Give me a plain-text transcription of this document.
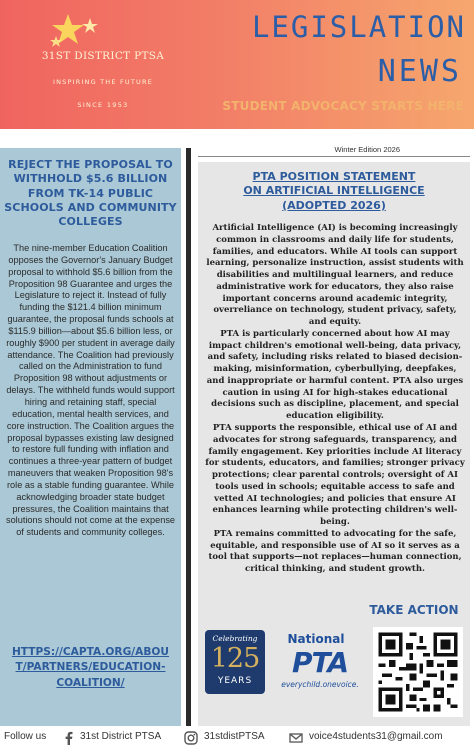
31ST DISTRICT PTSA
INSPIRING THE FUTURE
SINCE 1953
LEGISLATION
NEWS
STUDENT ADVOCACY STARTS HERE
REJECT THE PROPOSAL TO WITHHOLD $5.6 BILLION FROM TK-14 PUBLIC SCHOOLS AND COMMUNITY COLLEGES
The nine-member Education Coalition opposes the Governor's January Budget proposal to withhold $5.6 billion from the Proposition 98 Guarantee and urges the Legislature to reject it. Instead of fully funding the $121.4 billion minimum guarantee, the proposal funds schools at $115.9 billion—about $5.6 billion less, or roughly $900 per student in average daily attendance. The Coalition had previously called on the Administration to fund Proposition 98 without adjustments or delays. The withheld funds would support hiring and retaining staff, special education, mental health services, and core instruction. The Coalition argues the proposal bypasses existing law designed to restore full funding with inflation and continues a three-year pattern of budget maneuvers that weaken Proposition 98's role as a stable funding guarantee. While acknowledging broader state budget pressures, the Coalition maintains that solutions should not come at the expense of students and community colleges.
HTTPS://CAPTA.ORG/ABOU
T/PARTNERS/EDUCATION-
COALITION/
Winter Edition 2026
PTA POSITION STATEMENT
ON ARTIFICIAL INTELLIGENCE
(ADOPTED 2026)

Artificial Intelligence (AI) is becoming increasingly common in classrooms and daily life for students, families, and educators. While AI tools can support learning, personalize instruction, assist students with disabilities and multilingual learners, and reduce administrative work for educators, they also raise important concerns around academic integrity, overreliance on technology, student privacy, safety, and equity.

PTA is particularly concerned about how AI may impact children's emotional well-being, data privacy, and safety, including risks related to biased decision-making, misinformation, cyberbullying, deepfakes, and inappropriate or harmful content. PTA also urges caution in using AI for high-stakes educational decisions such as discipline, placement, and special education eligibility.

PTA supports the responsible, ethical use of AI and advocates for strong safeguards, transparency, and family engagement. Key priorities include AI literacy for students, educators, and families; stronger privacy protections; clear parental controls; oversight of AI tools used in schools; equitable access to safe and vetted AI technologies; and policies that ensure AI enhances learning while protecting children's well-being.

PTA remains committed to advocating for the safe, equitable, and responsible use of AI so it serves as a tool that supports—not replaces—human connection, critical thinking, and student growth.

TAKE ACTION
Celebrating
125
YEARS
National
PTA
everychild.onevoice.
Follow us	31st District PTSA	31stdistPTSA	voice4students31@gmail.com
